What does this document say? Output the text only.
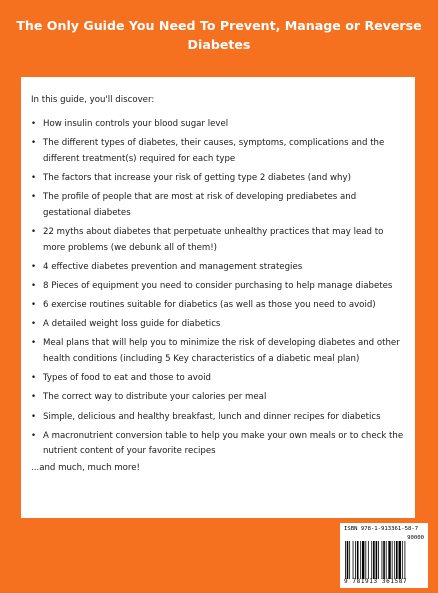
The Only Guide You Need To Prevent, Manage or Reverse
Diabetes

In this guide, you'll discover:

• How insulin controls your blood sugar level
• The different types of diabetes, their causes, symptoms, complications and the
different treatment(s) required for each type
• The factors that increase your risk of getting type 2 diabetes (and why)
• The profile of people that are most at risk of developing prediabetes and
gestational diabetes
• 22 myths about diabetes that perpetuate unhealthy practices that may lead to
more problems (we debunk all of them!)
• 4 effective diabetes prevention and management strategies
• 8 Pieces of equipment you need to consider purchasing to help manage diabetes
• 6 exercise routines suitable for diabetics (as well as those you need to avoid)
• A detailed weight loss guide for diabetics
• Meal plans that will help you to minimize the risk of developing diabetes and other
health conditions (including 5 Key characteristics of a diabetic meal plan)
• Types of food to eat and those to avoid
• The correct way to distribute your calories per meal
• Simple, delicious and healthy breakfast, lunch and dinner recipes for diabetics
• A macronutrient conversion table to help you make your own meals or to check the
nutrient content of your favorite recipes

...and much, much more!

ISBN 978-1-913361-58-7
90000
9 781913 361587
